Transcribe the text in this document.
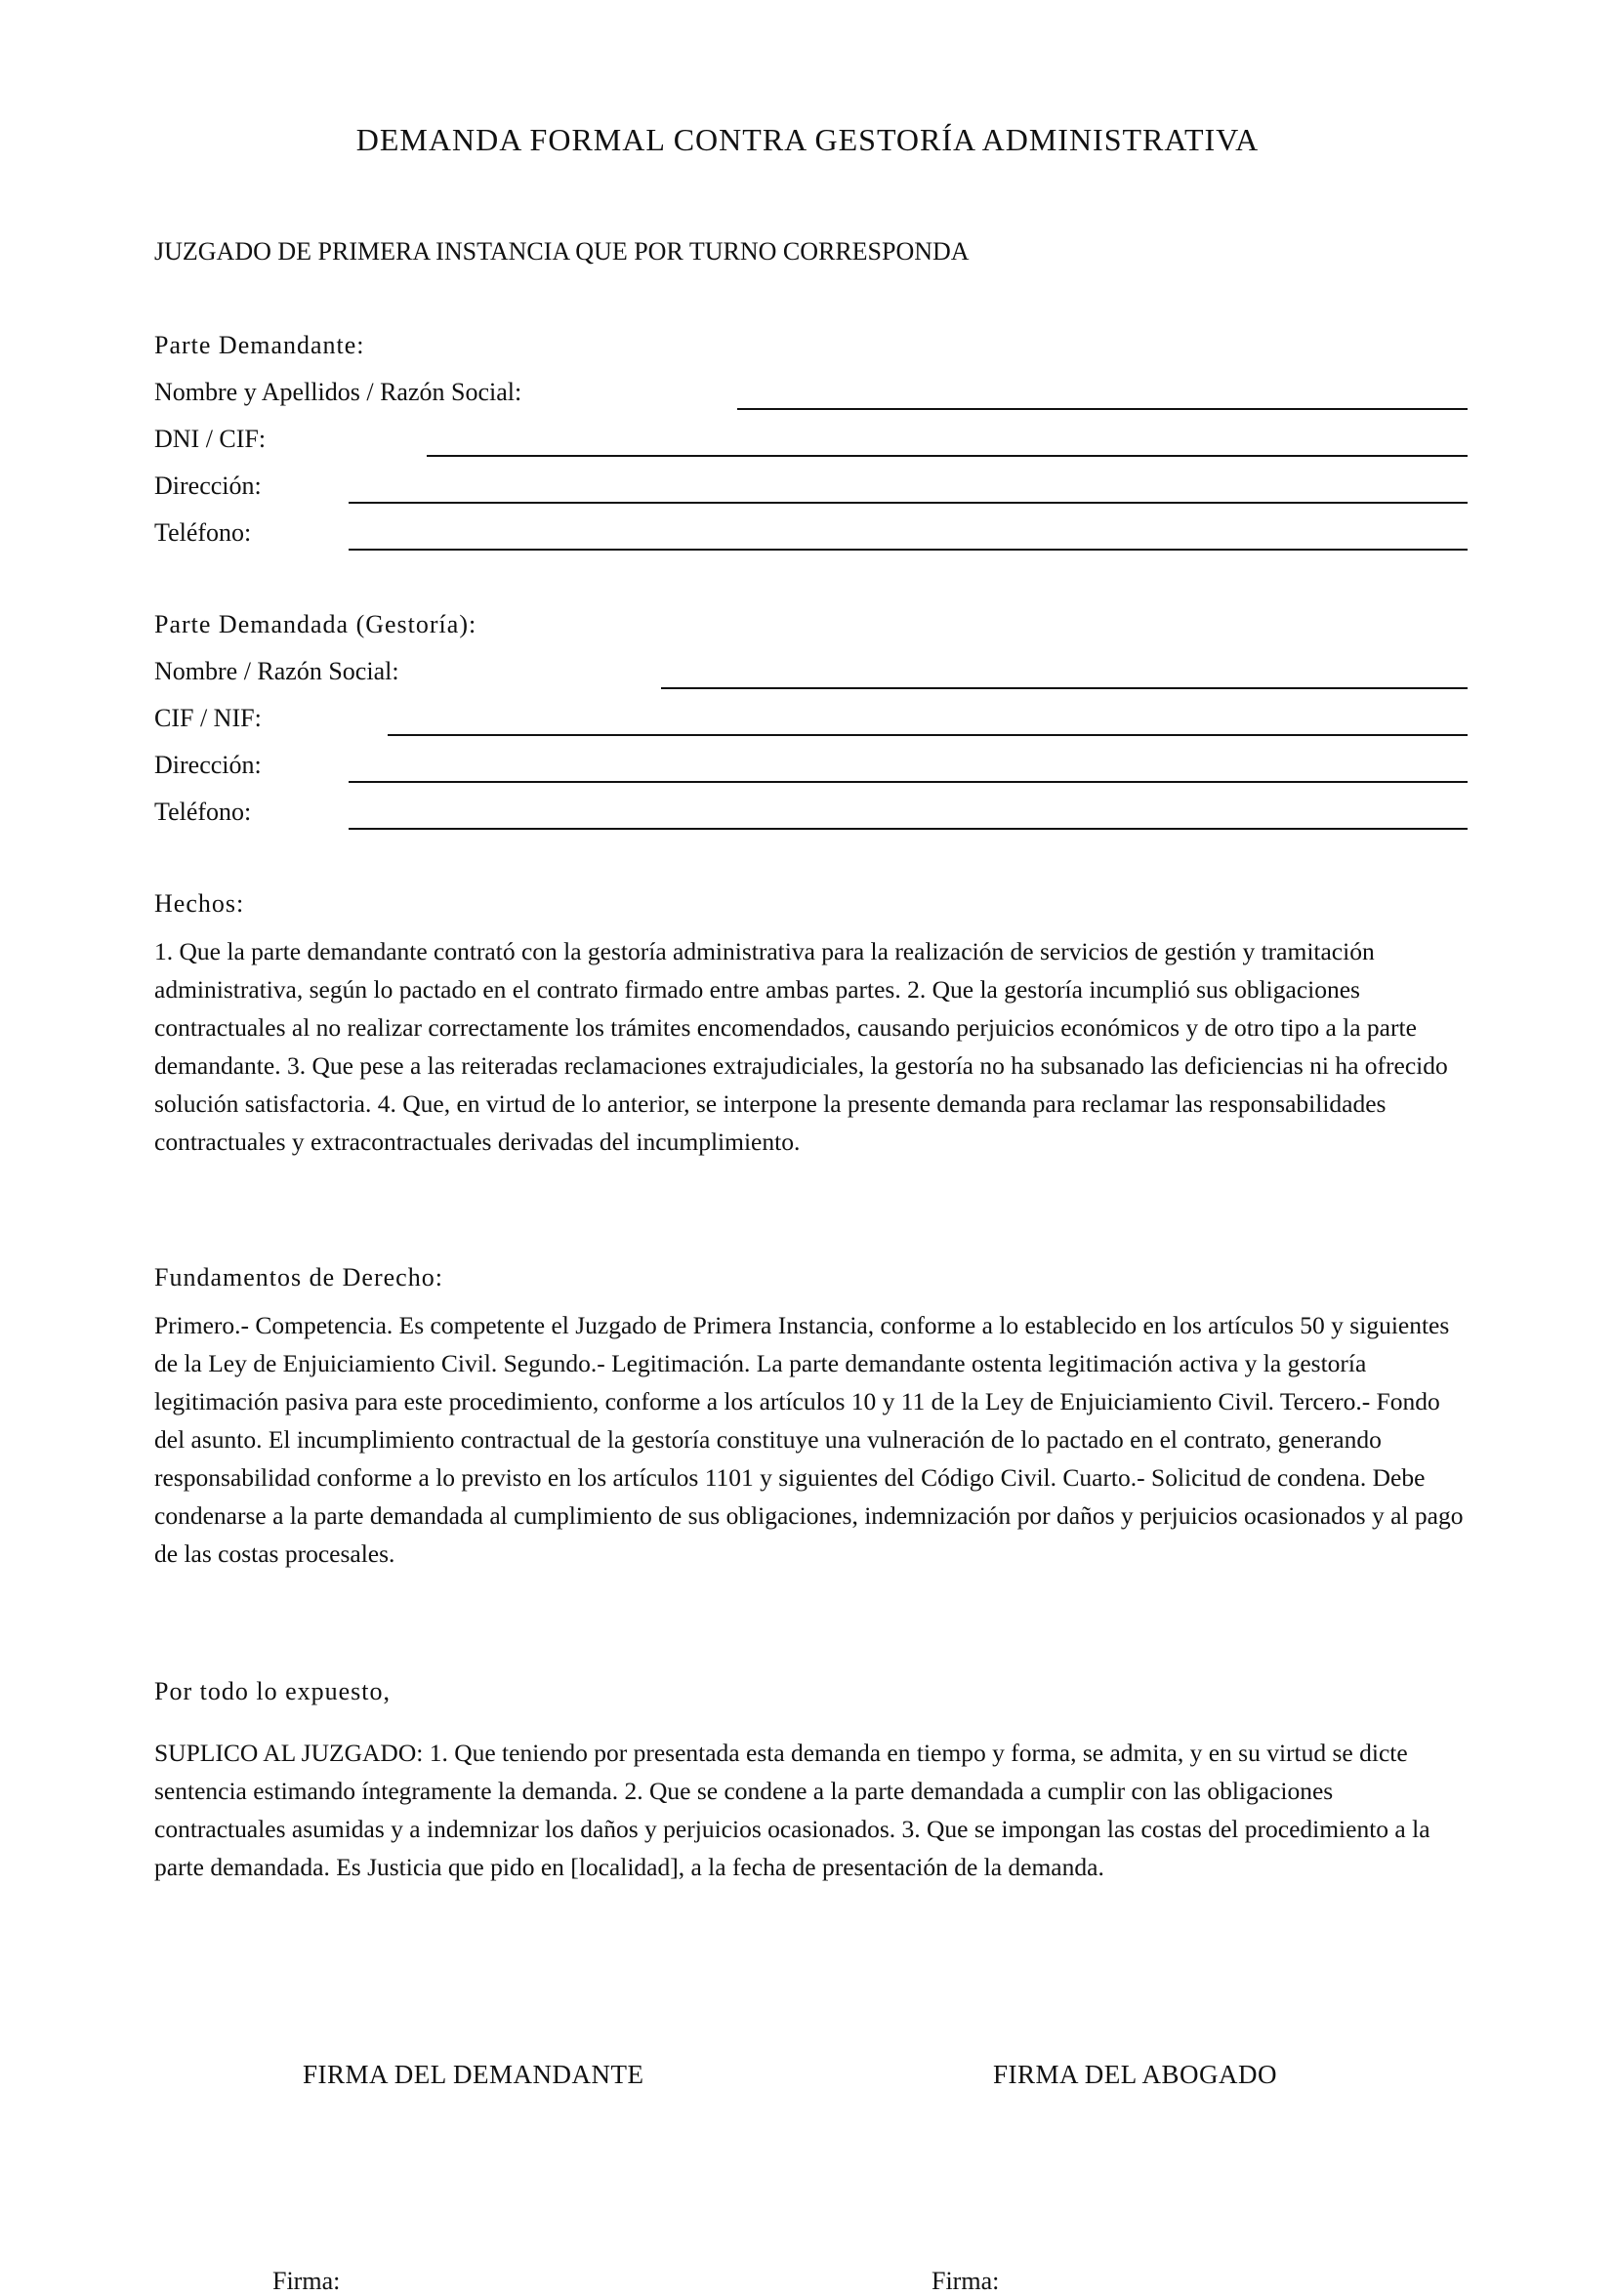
DEMANDA FORMAL CONTRA GESTORÍA ADMINISTRATIVA
JUZGADO DE PRIMERA INSTANCIA QUE POR TURNO CORRESPONDA
Parte Demandante:
Nombre y Apellidos / Razón Social:
DNI / CIF:
Dirección:
Teléfono:
Parte Demandada (Gestoría):
Nombre / Razón Social:
CIF / NIF:
Dirección:
Teléfono:
Hechos:
1. Que la parte demandante contrató con la gestoría administrativa para la realización de servicios de gestión y tramitación administrativa, según lo pactado en el contrato firmado entre ambas partes. 2. Que la gestoría incumplió sus obligaciones contractuales al no realizar correctamente los trámites encomendados, causando perjuicios económicos y de otro tipo a la parte demandante. 3. Que pese a las reiteradas reclamaciones extrajudiciales, la gestoría no ha subsanado las deficiencias ni ha ofrecido solución satisfactoria. 4. Que, en virtud de lo anterior, se interpone la presente demanda para reclamar las responsabilidades contractuales y extracontractuales derivadas del incumplimiento.
Fundamentos de Derecho:
Primero.- Competencia. Es competente el Juzgado de Primera Instancia, conforme a lo establecido en los artículos 50 y siguientes de la Ley de Enjuiciamiento Civil. Segundo.- Legitimación. La parte demandante ostenta legitimación activa y la gestoría legitimación pasiva para este procedimiento, conforme a los artículos 10 y 11 de la Ley de Enjuiciamiento Civil. Tercero.- Fondo del asunto. El incumplimiento contractual de la gestoría constituye una vulneración de lo pactado en el contrato, generando responsabilidad conforme a lo previsto en los artículos 1101 y siguientes del Código Civil. Cuarto.- Solicitud de condena. Debe condenarse a la parte demandada al cumplimiento de sus obligaciones, indemnización por daños y perjuicios ocasionados y al pago de las costas procesales.
Por todo lo expuesto,
SUPLICO AL JUZGADO: 1. Que teniendo por presentada esta demanda en tiempo y forma, se admita, y en su virtud se dicte sentencia estimando íntegramente la demanda. 2. Que se condene a la parte demandada a cumplir con las obligaciones contractuales asumidas y a indemnizar los daños y perjuicios ocasionados. 3. Que se impongan las costas del procedimiento a la parte demandada. Es Justicia que pido en [localidad], a la fecha de presentación de la demanda.
FIRMA DEL DEMANDANTE	FIRMA DEL ABOGADO
Firma:	Firma:
